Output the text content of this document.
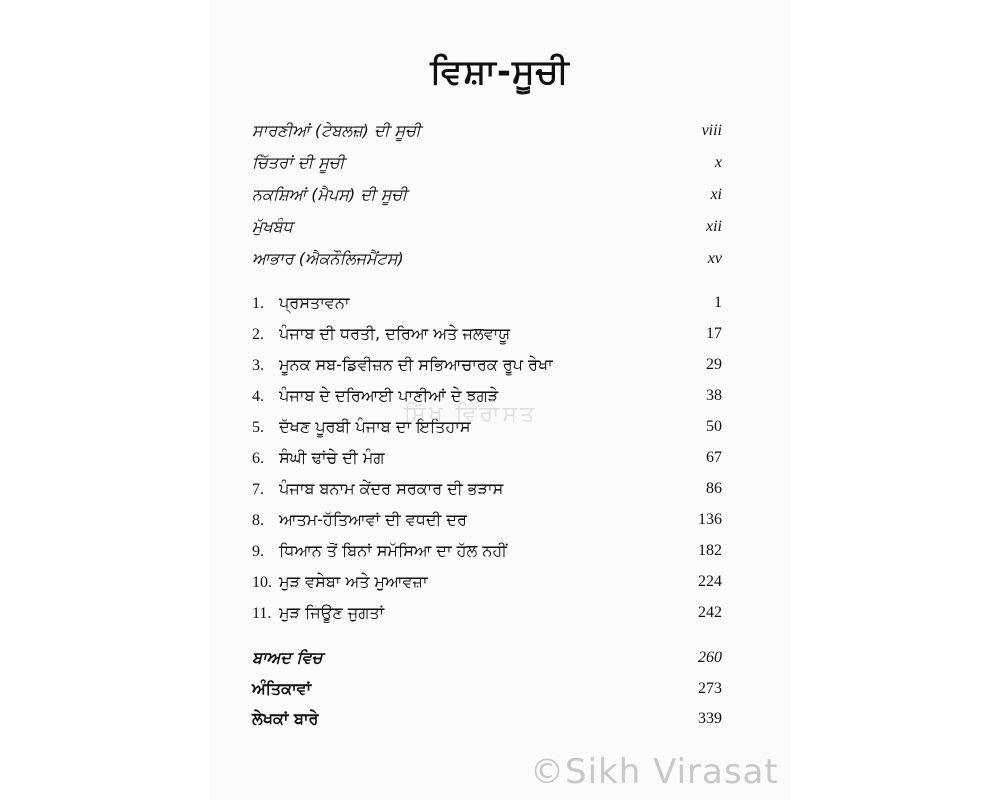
ਵਿਸ਼ਾ-ਸੂਚੀ
ਸਾਰਣੀਆਂ (ਟੇਬਲਜ਼) ਦੀ ਸੂਚੀ	viii
ਚਿੱਤਰਾਂ ਦੀ ਸੂਚੀ	x
ਨਕਸ਼ਿਆਂ (ਮੈਪਸ) ਦੀ ਸੂਚੀ	xi
ਮੁੱਖਬੰਧ	xii
ਆਭਾਰ (ਐਕਨੌਲਿਜਮੈਂਟਸ)	xv
1. ਪ੍ਰਸਤਾਵਨਾ	1
2. ਪੰਜਾਬ ਦੀ ਧਰਤੀ, ਦਰਿਆ ਅਤੇ ਜਲਵਾਯੂ	17
3. ਮੂਨਕ ਸਬ-ਡਿਵੀਜ਼ਨ ਦੀ ਸਭਿਆਚਾਰਕ ਰੂਪ ਰੇਖਾ	29
4. ਪੰਜਾਬ ਦੇ ਦਰਿਆਈ ਪਾਣੀਆਂ ਦੇ ਝਗੜੇ	38
5. ਦੱਖਣ ਪੂਰਬੀ ਪੰਜਾਬ ਦਾ ਇਤਿਹਾਸ	50
6. ਸੰਘੀ ਢਾਂਚੇ ਦੀ ਮੰਗ	67
7. ਪੰਜਾਬ ਬਨਾਮ ਕੇਂਦਰ ਸਰਕਾਰ ਦੀ ਭੜਾਸ	86
8. ਆਤਮ-ਹੱਤਿਆਵਾਂ ਦੀ ਵਧਦੀ ਦਰ	136
9. ਧਿਆਨ ਤੋਂ ਬਿਨਾਂ ਸਮੱਸਿਆ ਦਾ ਹੱਲ ਨਹੀਂ	182
10. ਮੁੜ ਵਸੇਬਾ ਅਤੇ ਮੁਆਵਜ਼ਾ	224
11. ਮੁੜ ਜਿਊਣ ਜੁਗਤਾਂ	242
ਬਾਅਦ ਵਿਚ	260
ਅੰਤਿਕਾਵਾਂ	273
ਲੇਖਕਾਂ ਬਾਰੇ	339
ਸਿੱਖ ਵਿਰਾਸਤ
©Sikh Virasat
